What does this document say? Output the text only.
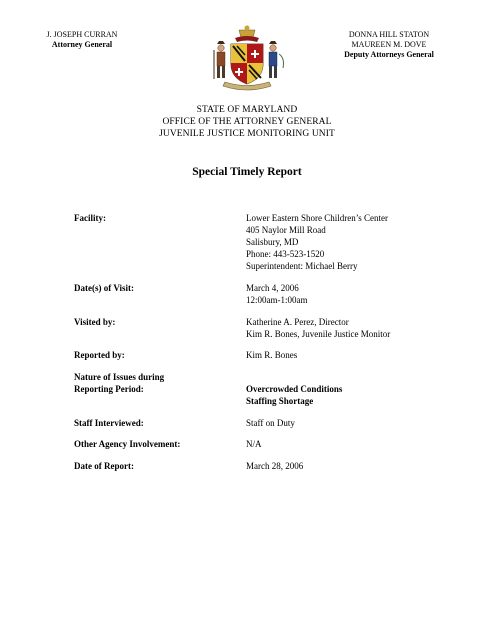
J. JOSEPH CURRAN
Attorney General
DONNA HILL STATON
MAUREEN M. DOVE
Deputy Attorneys General
STATE OF MARYLAND
OFFICE OF THE ATTORNEY GENERAL
JUVENILE JUSTICE MONITORING UNIT
Special Timely Report
Facility:	Lower Eastern Shore Children’s Center
405 Naylor Mill Road
Salisbury, MD
Phone: 443-523-1520
Superintendent: Michael Berry
Date(s) of Visit:	March 4, 2006
12:00am-1:00am
Visited by:	Katherine A. Perez, Director
Kim R. Bones, Juvenile Justice Monitor
Reported by:	Kim R. Bones
Nature of Issues during
Reporting Period:	Overcrowded Conditions
Staffing Shortage
Staff Interviewed:	Staff on Duty
Other Agency Involvement:	N/A
Date of Report:	March 28, 2006
